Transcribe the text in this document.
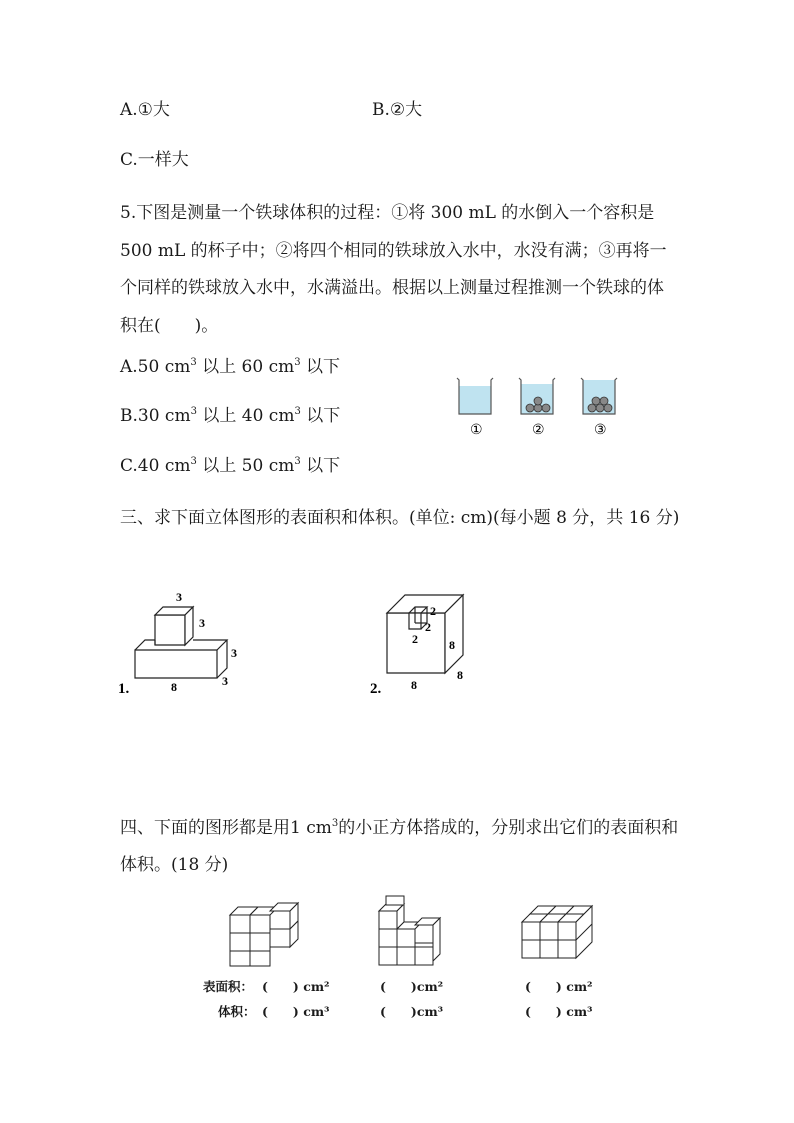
A.①大	B.②大
C.一样大
5.下图是测量一个铁球体积的过程：①将 300 mL 的水倒入一个容积是 500 mL 的杯子中；②将四个相同的铁球放入水中，水没有满；③再将一个同样的铁球放入水中，水满溢出。根据以上测量过程推测一个铁球的体积在(　　)。
A.50 $cm^3$ 以上 60 $cm^3$ 以下
B.30 $cm^3$ 以上 40 $cm^3$ 以下
C.40 $cm^3$ 以上 50 $cm^3$ 以下
①	②	③
三、求下面立体图形的表面积和体积。(单位: cm)(每小题 8 分，共 16 分)
3
3
3
8	3
1.
2
2
2	8
8
8
2.
四、下面的图形都是用1 $cm^3$的小正方体搭成的，分别求出它们的表面积和体积。(18 分)
表面积： (　　) cm²	(　　)cm²	(　　) cm²
体积： (　　) cm³	(　　)cm³	(　　) cm³
